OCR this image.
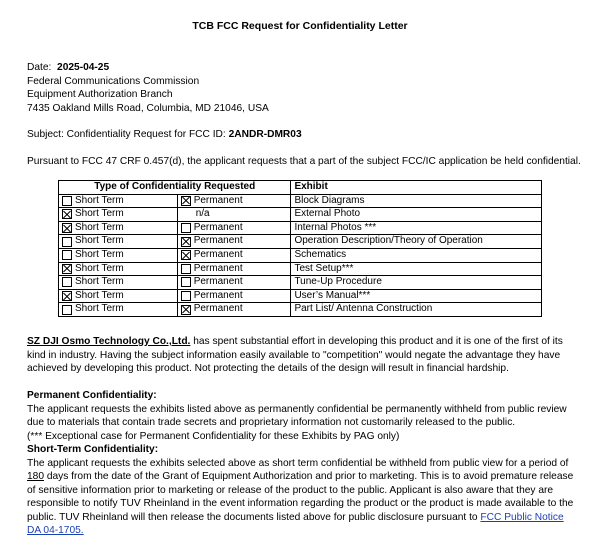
TCB FCC Request for Confidentiality Letter
Date: 2025-04-25
Federal Communications Commission
Equipment Authorization Branch
7435 Oakland Mills Road, Columbia, MD 21046, USA
Subject: Confidentiality Request for FCC ID: 2ANDR-DMR03
Pursuant to FCC 47 CRF 0.457(d), the applicant requests that a part of the subject FCC/IC application be held confidential.
Type of Confidentiality Requested		Exhibit

Short Term	Permanent	Block Diagrams

Short Term	n/a	External Photo

Short Term	Permanent	Internal Photos ***

Short Term	Permanent	Operation Description/Theory of Operation

Short Term	Permanent	Schematics

Short Term	Permanent	Test Setup***

Short Term	Permanent	Tune-Up Procedure

Short Term	Permanent	User’s Manual***

Short Term	Permanent	Part List/ Antenna Construction
SZ DJI Osmo Technology Co.,Ltd. has spent substantial effort in developing this product and it is one of the first of its kind in industry. Having the subject information easily available to "competition" would negate the advantage they have achieved by developing this product. Not protecting the details of the design will result in financial hardship.
Permanent Confidentiality:
The applicant requests the exhibits listed above as permanently confidential be permanently withheld from public review due to materials that contain trade secrets and proprietary information not customarily released to the public.
(*** Exceptional case for Permanent Confidentiality for these Exhibits by PAG only)
Short-Term Confidentiality:
The applicant requests the exhibits selected above as short term confidential be withheld from public view for a period of 180 days from the date of the Grant of Equipment Authorization and prior to marketing. This is to avoid premature release of sensitive information prior to marketing or release of the product to the public. Applicant is also aware that they are responsible to notify TUV Rheinland in the event information regarding the product or the product is made available to the public. TUV Rheinland will then release the documents listed above for public disclosure pursuant to FCC Public Notice DA 04-1705.
